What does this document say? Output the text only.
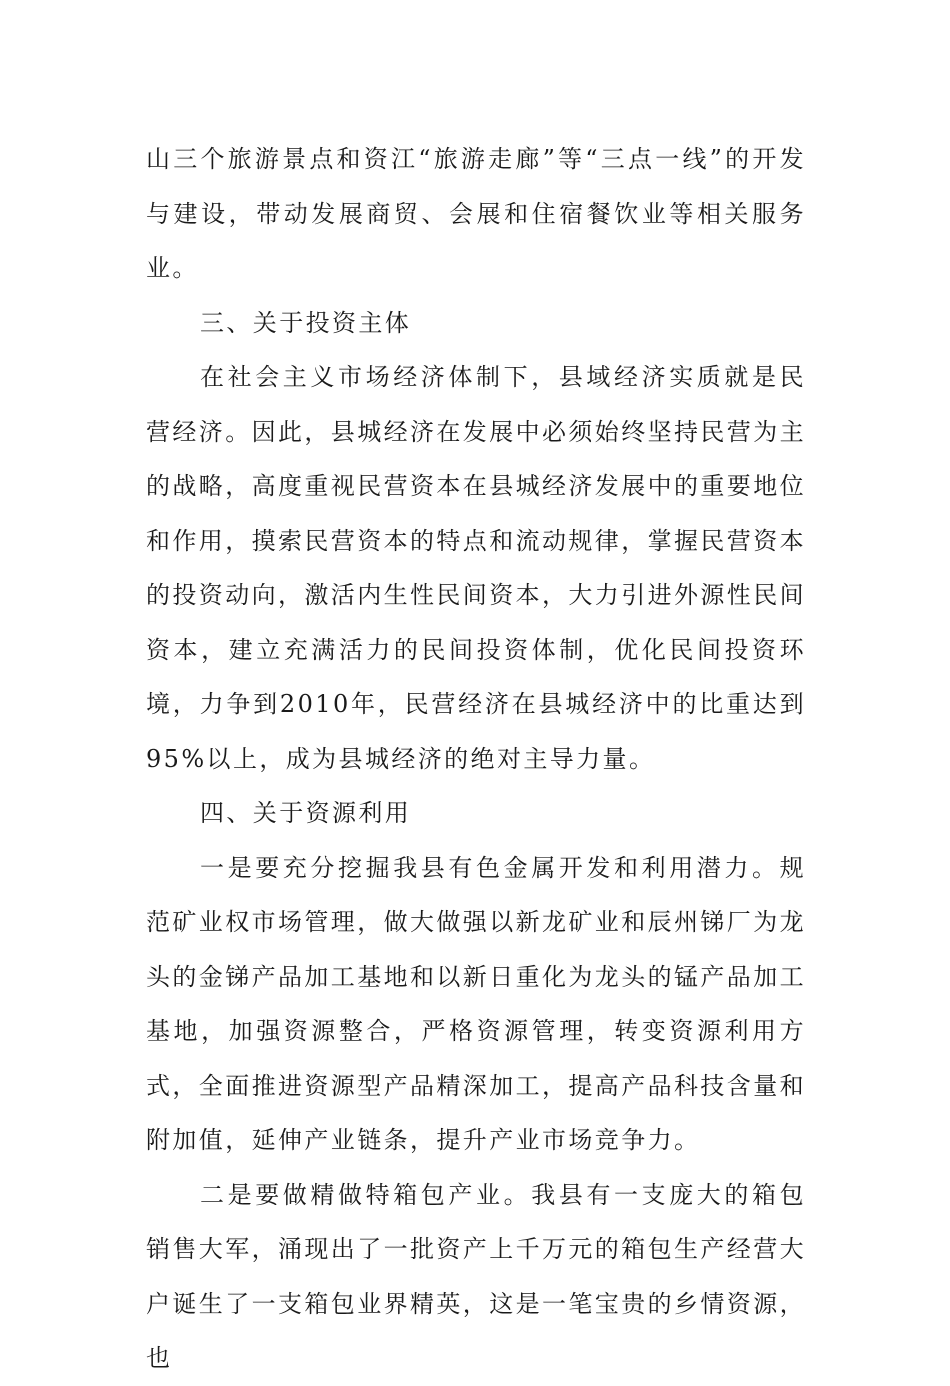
山三个旅游景点和资江“旅游走廊”等“三点一线”的开发与建设，带动发展商贸、会展和住宿餐饮业等相关服务业。

三、关于投资主体

在社会主义市场经济体制下，县域经济实质就是民营经济。因此，县城经济在发展中必须始终坚持民营为主的战略，高度重视民营资本在县城经济发展中的重要地位和作用，摸索民营资本的特点和流动规律，掌握民营资本的投资动向，激活内生性民间资本，大力引进外源性民间资本，建立充满活力的民间投资体制，优化民间投资环境，力争到2010年，民营经济在县城经济中的比重达到95%以上，成为县城经济的绝对主导力量。

四、关于资源利用

一是要充分挖掘我县有色金属开发和利用潜力。规范矿业权市场管理，做大做强以新龙矿业和辰州锑厂为龙头的金锑产品加工基地和以新日重化为龙头的锰产品加工基地，加强资源整合，严格资源管理，转变资源利用方式，全面推进资源型产品精深加工，提高产品科技含量和附加值，延伸产业链条，提升产业市场竞争力。

二是要做精做特箱包产业。我县有一支庞大的箱包销售大军，涌现出了一批资产上千万元的箱包生产经营大户诞生了一支箱包业界精英，这是一笔宝贵的乡情资源，也
